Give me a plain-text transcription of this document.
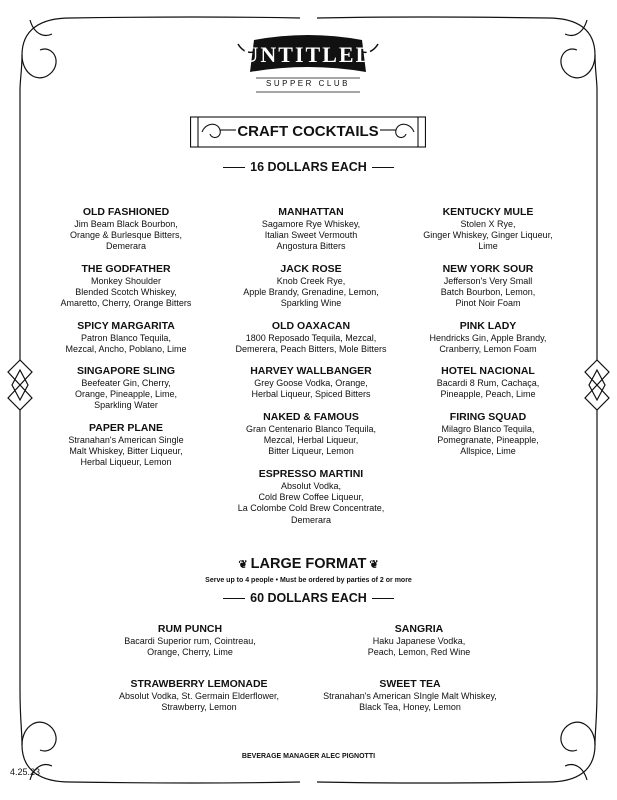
UNTITLED
SUPPER CLUB
CRAFT COCKTAILS
16 DOLLARS EACH
OLD FASHIONED
Jim Beam Black Bourbon,
Orange & Burlesque Bitters,
Demerara
THE GODFATHER
Monkey Shoulder
Blended Scotch Whiskey,
Amaretto, Cherry, Orange Bitters
SPICY MARGARITA
Patron Blanco Tequila,
Mezcal, Ancho, Poblano, Lime
SINGAPORE SLING
Beefeater Gin, Cherry,
Orange, Pineapple, Lime,
Sparkling Water
PAPER PLANE
Stranahan's American Single
Malt Whiskey, Bitter Liqueur,
Herbal Liqueur, Lemon
MANHATTAN
Sagamore Rye Whiskey,
Italian Sweet Vermouth
Angostura Bitters
JACK ROSE
Knob Creek Rye,
Apple Brandy, Grenadine, Lemon,
Sparkling Wine
OLD OAXACAN
1800 Reposado Tequila, Mezcal,
Demerera, Peach Bitters, Mole Bitters
HARVEY WALLBANGER
Grey Goose Vodka, Orange,
Herbal Liqueur, Spiced Bitters
NAKED & FAMOUS
Gran Centenario Blanco Tequila,
Mezcal, Herbal Liqueur,
Bitter Liqueur, Lemon
ESPRESSO MARTINI
Absolut Vodka,
Cold Brew Coffee Liqueur,
La Colombe Cold Brew Concentrate,
Demerara
KENTUCKY MULE
Stolen X Rye,
Ginger Whiskey, Ginger Liqueur,
Lime
NEW YORK SOUR
Jefferson's Very Small
Batch Bourbon, Lemon,
Pinot Noir Foam
PINK LADY
Hendricks Gin, Apple Brandy,
Cranberry, Lemon Foam
HOTEL NACIONAL
Bacardi 8 Rum, Cachaça,
Pineapple, Peach, Lime
FIRING SQUAD
Milagro Blanco Tequila,
Pomegranate, Pineapple,
Allspice, Lime
❦ LARGE FORMAT ❦
Serve up to 4 people • Must be ordered by parties of 2 or more
60 DOLLARS EACH
RUM PUNCH
Bacardi Superior rum, Cointreau,
Orange, Cherry, Lime
SANGRIA
Haku Japanese Vodka,
Peach, Lemon, Red Wine
STRAWBERRY LEMONADE
Absolut Vodka, St. Germain Elderflower,
Strawberry, Lemon
SWEET TEA
Stranahan's American SIngle Malt Whiskey,
Black Tea, Honey, Lemon
BEVERAGE MANAGER ALEC PIGNOTTI
4.25.23
